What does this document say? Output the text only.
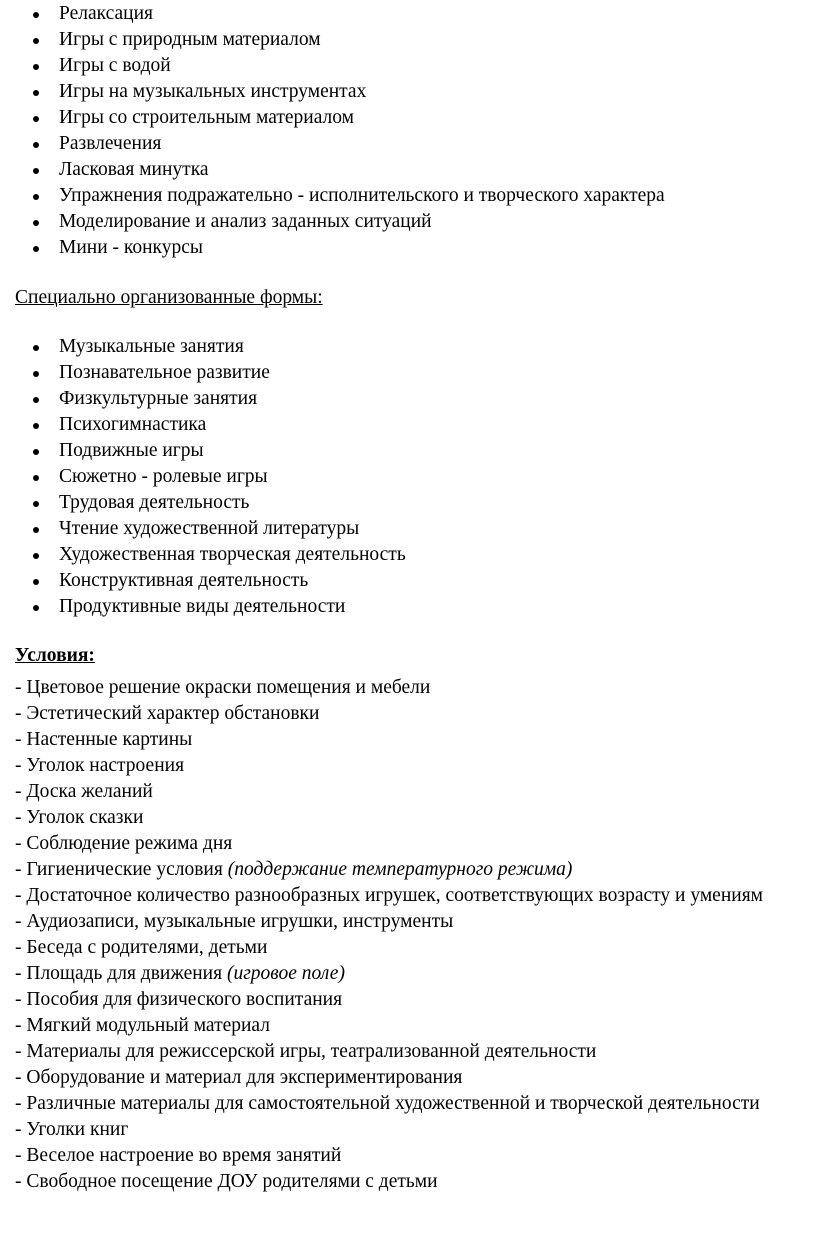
Релаксация
Игры с природным материалом
Игры с водой
Игры на музыкальных инструментах
Игры со строительным материалом
Развлечения
Ласковая минутка
Упражнения подражательно - исполнительского и творческого характера
Моделирование и анализ заданных ситуаций
Мини - конкурсы
Специально организованные формы:
Музыкальные занятия
Познавательное развитие
Физкультурные занятия
Психогимнастика
Подвижные игры
Сюжетно - ролевые игры
Трудовая деятельность
Чтение художественной литературы
Художественная творческая деятельность
Конструктивная деятельность
Продуктивные виды деятельности
Условия:
- Цветовое решение окраски помещения и мебели
- Эстетический характер обстановки
- Настенные картины
- Уголок настроения
- Доска желаний
- Уголок сказки
- Соблюдение режима дня
- Гигиенические условия (поддержание температурного режима)
- Достаточное количество разнообразных игрушек, соответствующих возрасту и умениям
- Аудиозаписи, музыкальные игрушки, инструменты
- Беседа с родителями, детьми
- Площадь для движения (игровое поле)
- Пособия для физического воспитания
- Мягкий модульный материал
- Материалы для режиссерской игры, театрализованной деятельности
- Оборудование и материал для экспериментирования
- Различные материалы для самостоятельной художественной и творческой деятельности
- Уголки книг
- Веселое настроение во время занятий
- Свободное посещение ДОУ родителями с детьми
